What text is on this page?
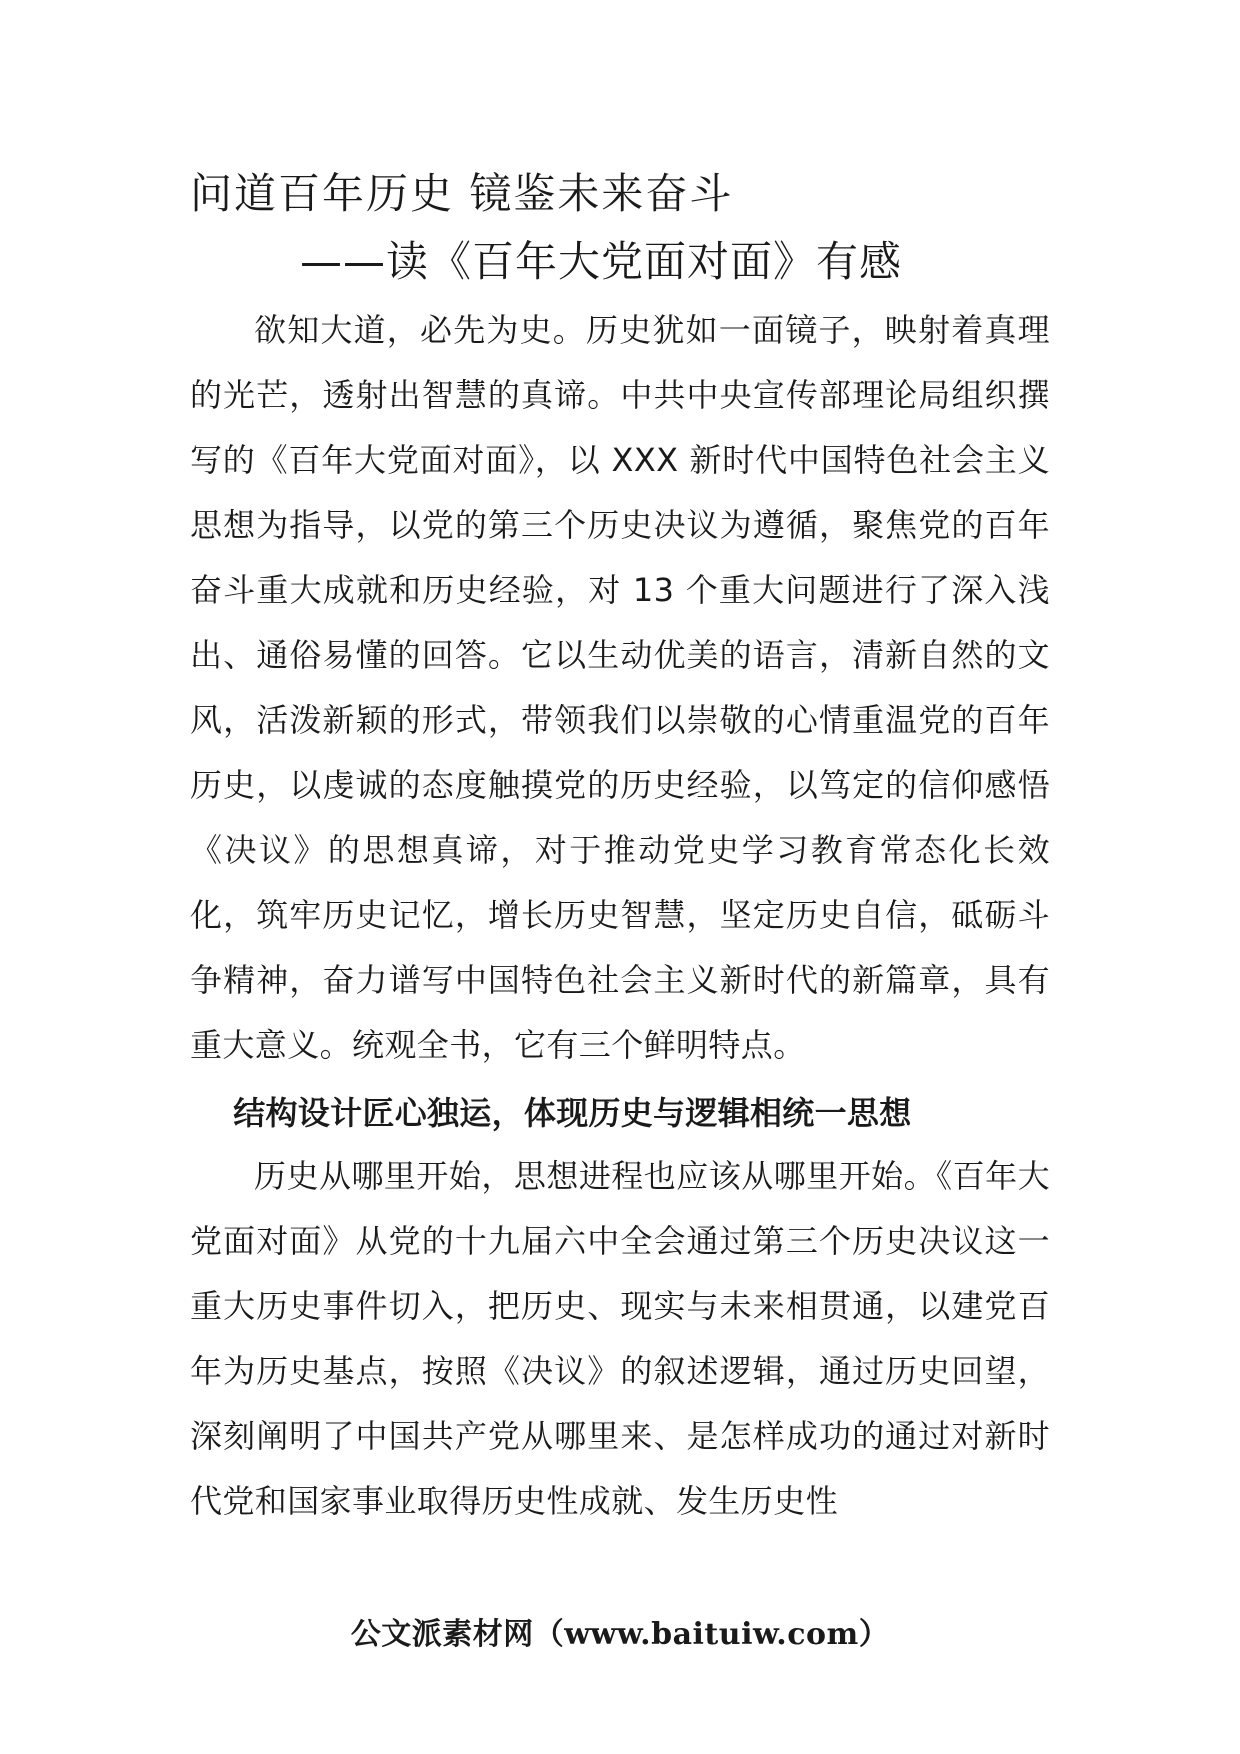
问道百年历史 镜鉴未来奋斗
——读《百年大党面对面》有感

欲知大道，必先为史。历史犹如一面镜子，映射着真理的光芒，透射出智慧的真谛。中共中央宣传部理论局组织撰写的《百年大党面对面》，以 XXX 新时代中国特色社会主义思想为指导，以党的第三个历史决议为遵循，聚焦党的百年奋斗重大成就和历史经验，对 13 个重大问题进行了深入浅出、通俗易懂的回答。它以生动优美的语言，清新自然的文风，活泼新颖的形式，带领我们以崇敬的心情重温党的百年历史，以虔诚的态度触摸党的历史经验，以笃定的信仰感悟《决议》的思想真谛，对于推动党史学习教育常态化长效化，筑牢历史记忆，增长历史智慧，坚定历史自信，砥砺斗争精神，奋力谱写中国特色社会主义新时代的新篇章，具有重大意义。统观全书，它有三个鲜明特点。

结构设计匠心独运，体现历史与逻辑相统一思想

历史从哪里开始，思想进程也应该从哪里开始。《百年大党面对面》从党的十九届六中全会通过第三个历史决议这一重大历史事件切入，把历史、现实与未来相贯通，以建党百年为历史基点，按照《决议》的叙述逻辑，通过历史回望，深刻阐明了中国共产党从哪里来、是怎样成功的通过对新时代党和国家事业取得历史性成就、发生历史性

公文派素材网（www.baituiw.com）
